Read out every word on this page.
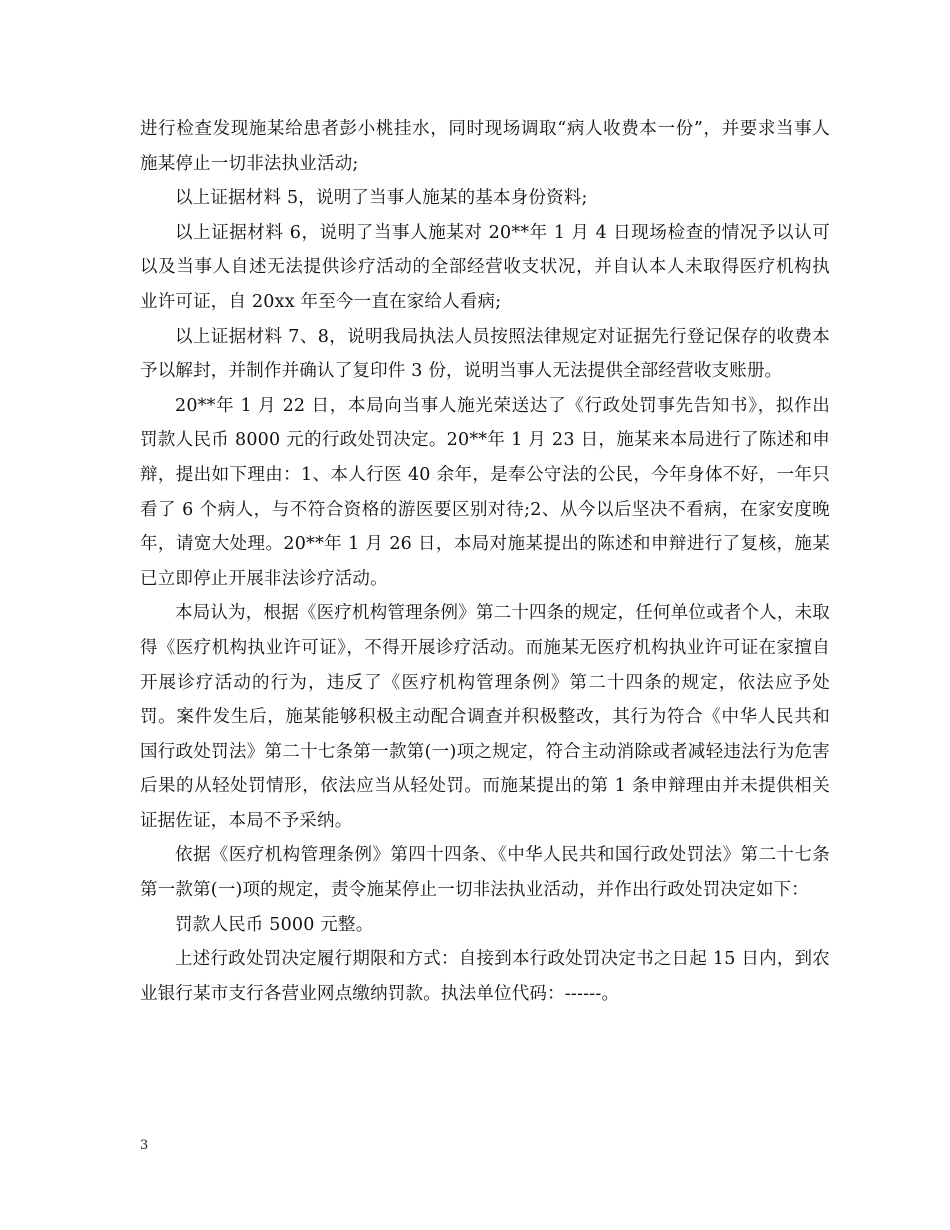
进行检查发现施某给患者彭小桃挂水，同时现场调取“病人收费本一份”，并要求当事人施某停止一切非法执业活动;

以上证据材料 5，说明了当事人施某的基本身份资料;

以上证据材料 6，说明了当事人施某对 20**年 1 月 4 日现场检查的情况予以认可以及当事人自述无法提供诊疗活动的全部经营收支状况，并自认本人未取得医疗机构执业许可证，自 20xx 年至今一直在家给人看病;

以上证据材料 7、8，说明我局执法人员按照法律规定对证据先行登记保存的收费本予以解封，并制作并确认了复印件 3 份，说明当事人无法提供全部经营收支账册。

20**年 1 月 22 日，本局向当事人施光荣送达了《行政处罚事先告知书》，拟作出罚款人民币 8000 元的行政处罚决定。20**年 1 月 23 日，施某来本局进行了陈述和申辩，提出如下理由：1、本人行医 40 余年，是奉公守法的公民，今年身体不好，一年只看了 6 个病人，与不符合资格的游医要区别对待;2、从今以后坚决不看病，在家安度晚年，请宽大处理。20**年 1 月 26 日，本局对施某提出的陈述和申辩进行了复核，施某已立即停止开展非法诊疗活动。

本局认为，根据《医疗机构管理条例》第二十四条的规定，任何单位或者个人，未取得《医疗机构执业许可证》，不得开展诊疗活动。而施某无医疗机构执业许可证在家擅自开展诊疗活动的行为，违反了《医疗机构管理条例》第二十四条的规定，依法应予处罚。案件发生后，施某能够积极主动配合调查并积极整改，其行为符合《中华人民共和国行政处罚法》第二十七条第一款第(一)项之规定，符合主动消除或者减轻违法行为危害后果的从轻处罚情形，依法应当从轻处罚。而施某提出的第 1 条申辩理由并未提供相关证据佐证，本局不予采纳。

依据《医疗机构管理条例》第四十四条、《中华人民共和国行政处罚法》第二十七条第一款第(一)项的规定，责令施某停止一切非法执业活动，并作出行政处罚决定如下：

罚款人民币 5000 元整。

上述行政处罚决定履行期限和方式：自接到本行政处罚决定书之日起 15 日内，到农业银行某市支行各营业网点缴纳罚款。执法单位代码：------。

3
